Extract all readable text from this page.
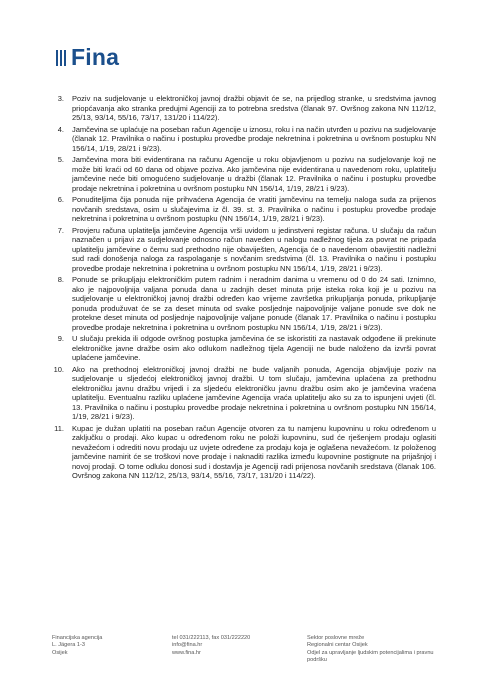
Fina
3.	Poziv na sudjelovanje u elektroničkoj javnoj dražbi objavit će se, na prijedlog stranke, u sredstvima javnog priopćavanja ako stranka predujmi Agenciji za to potrebna sredstva (članak 97. Ovršnog zakona NN 112/12, 25/13, 93/14, 55/16, 73/17, 131/20 i 114/22).
4.	Jamčevina se uplaćuje na poseban račun Agencije u iznosu, roku i na način utvrđen u pozivu na sudjelovanje (članak 12. Pravilnika o načinu i postupku provedbe prodaje nekretnina i pokretnina u ovršnom postupku NN 156/14, 1/19, 28/21 i 9/23).
5.	Jamčevina mora biti evidentirana na računu Agencije u roku objavljenom u pozivu na sudjelovanje koji ne može biti kraći od 60 dana od objave poziva. Ako jamčevina nije evidentirana u navedenom roku, uplatitelju jamčevine neće biti omogućeno sudjelovanje u dražbi (članak 12. Pravilnika o načinu i postupku provedbe prodaje nekretnina i pokretnina u ovršnom postupku NN 156/14, 1/19, 28/21 i 9/23).
6.	Ponuditeljima čija ponuda nije prihvaćena Agencija će vratiti jamčevinu na temelju naloga suda za prijenos novčanih sredstava, osim u slučajevima iz čl. 39. st. 3. Pravilnika o načinu i postupku provedbe prodaje nekretnina i pokretnina u ovršnom postupku (NN 156/14, 1/19, 28/21 i 9/23).
7.	Provjeru računa uplatitelja jamčevine Agencija vrši uvidom u jedinstveni registar računa. U slučaju da račun naznačen u prijavi za sudjelovanje odnosno račun naveden u nalogu nadležnog tijela za povrat ne pripada uplatitelju jamčevine o čemu sud prethodno nije obaviješten, Agencija će o navedenom obavijestiti nadležni sud radi donošenja naloga za raspolaganje s novčanim sredstvima (čl. 13. Pravilnika o načinu i postupku provedbe prodaje nekretnina i pokretnina u ovršnom postupku NN 156/14, 1/19, 28/21 i 9/23).
8.	Ponude se prikupljaju elektroničkim putem radnim i neradnim danima u vremenu od 0 do 24 sati. Iznimno, ako je najpovoljnija valjana ponuda dana u zadnjih deset minuta prije isteka roka koji je u pozivu na sudjelovanje u elektroničkoj javnoj dražbi određen kao vrijeme završetka prikupljanja ponuda, prikupljanje ponuda produžuvat će se za deset minuta od svake posljednje najpovoljnije valjane ponude sve dok ne protekne deset minuta od posljednje najpovoljnije valjane ponude (članak 17. Pravilnika o načinu i postupku provedbe prodaje nekretnina i pokretnina u ovršnom postupku NN 156/14, 1/19, 28/21 i 9/23).
9.	U slučaju prekida ili odgode ovršnog postupka jamčevina će se iskoristiti za nastavak odgođene ili prekinute elektroničke javne dražbe osim ako odlukom nadležnog tijela Agenciji ne bude naloženo da izvrši povrat uplaćene jamčevine.
10.	Ako na prethodnoj elektroničkoj javnoj dražbi ne bude valjanih ponuda, Agencija objavljuje poziv na sudjelovanje u sljedećoj elektroničkoj javnoj dražbi. U tom slučaju, jamčevina uplaćena za prethodnu elektroničku javnu dražbu vrijedi i za sljedeću elektroničku javnu dražbu osim ako je jamčevina vraćena uplatitelju. Eventualnu razliku uplaćene jamčevine Agencija vraća uplatitelju ako su za to ispunjeni uvjeti (čl. 13. Pravilnika o načinu i postupku provedbe prodaje nekretnina i pokretnina u ovršnom postupku NN 156/14, 1/19, 28/21 i 9/23).
11.	Kupac je dužan uplatiti na poseban račun Agencije otvoren za tu namjenu kupovninu u roku određenom u zaključku o prodaji. Ako kupac u određenom roku ne položi kupovninu, sud će rješenjem prodaju oglasiti nevažećom i odrediti novu prodaju uz uvjete određene za prodaju koja je oglašena nevažećom. Iz položenog jamčevine namirit će se troškovi nove prodaje i naknaditi razlika između kupovnine postignute na prijašnjoj i novoj prodaji. O tome odluku donosi sud i dostavlja je Agenciji radi prijenosa novčanih sredstava (članak 106. Ovršnog zakona NN 112/12, 25/13, 93/14, 55/16, 73/17, 131/20 i 114/22).
Financijska agencija
L. Jägera 1-3
Osijek
tel 031/222113, fax 031/222220
info@fina.hr
www.fina.hr
Sektor poslovne mreže
Regionalni centar Osijek
Odjel za upravljanje ljudskim potencijalima i pravnu
podršku
